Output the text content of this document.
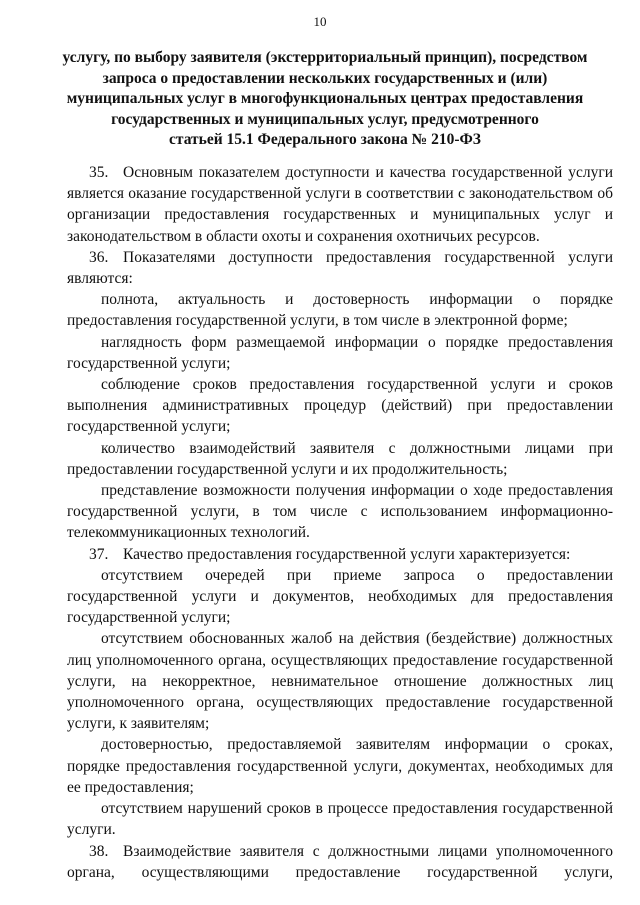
10
услугу, по выбору заявителя (экстерриториальный принцип), посредством
запроса о предоставлении нескольких государственных и (или)
муниципальных услуг в многофункциональных центрах предоставления
государственных и муниципальных услуг, предусмотренного
статьей 15.1 Федерального закона № 210-ФЗ

35. Основным показателем доступности и качества государственной услуги является оказание государственной услуги в соответствии с законодательством об организации предоставления государственных и муниципальных услуг и законодательством в области охоты и сохранения охотничьих ресурсов.

36. Показателями доступности предоставления государственной услуги являются:

полнота, актуальность и достоверность информации о порядке предоставления государственной услуги, в том числе в электронной форме;

наглядность форм размещаемой информации о порядке предоставления государственной услуги;

соблюдение сроков предоставления государственной услуги и сроков выполнения административных процедур (действий) при предоставлении государственной услуги;

количество взаимодействий заявителя с должностными лицами при предоставлении государственной услуги и их продолжительность;

представление возможности получения информации о ходе предоставления государственной услуги, в том числе с использованием информационно-телекоммуникационных технологий.

37. Качество предоставления государственной услуги характеризуется:

отсутствием очередей при приеме запроса о предоставлении государственной услуги и документов, необходимых для предоставления государственной услуги;

отсутствием обоснованных жалоб на действия (бездействие) должностных лиц уполномоченного органа, осуществляющих предоставление государственной услуги, на некорректное, невнимательное отношение должностных лиц уполномоченного органа, осуществляющих предоставление государственной услуги, к заявителям;

достоверностью, предоставляемой заявителям информации о сроках, порядке предоставления государственной услуги, документах, необходимых для ее предоставления;

отсутствием нарушений сроков в процессе предоставления государственной услуги.

38. Взаимодействие заявителя с должностными лицами уполномоченного органа, осуществляющими предоставление государственной услуги,
